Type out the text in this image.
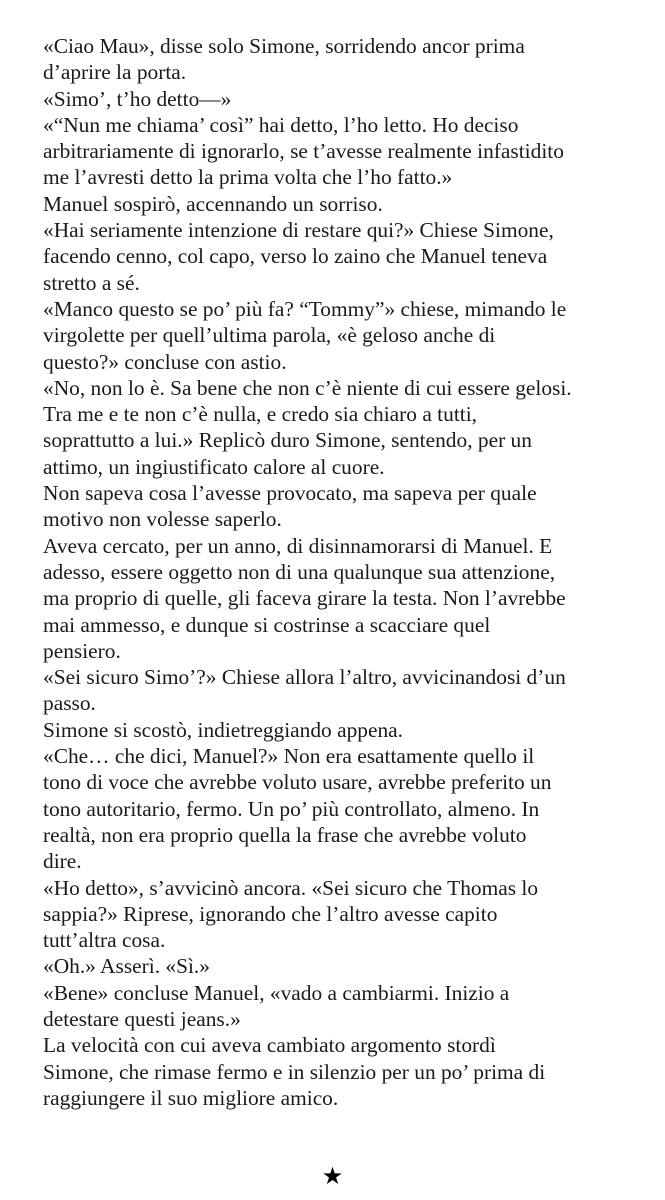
«Ciao Mau», disse solo Simone, sorridendo ancor prima
d’aprire la porta.
«Simo’, t’ho detto—»
«“Nun me chiama’ così” hai detto, l’ho letto. Ho deciso
arbitrariamente di ignorarlo, se t’avesse realmente infastidito
me l’avresti detto la prima volta che l’ho fatto.»
Manuel sospirò, accennando un sorriso.
«Hai seriamente intenzione di restare qui?» Chiese Simone,
facendo cenno, col capo, verso lo zaino che Manuel teneva
stretto a sé.
«Manco questo se po’ più fa? “Tommy”» chiese, mimando le
virgolette per quell’ultima parola, «è geloso anche di
questo?» concluse con astio.
«No, non lo è. Sa bene che non c’è niente di cui essere gelosi.
Tra me e te non c’è nulla, e credo sia chiaro a tutti,
soprattutto a lui.» Replicò duro Simone, sentendo, per un
attimo, un ingiustificato calore al cuore.
Non sapeva cosa l’avesse provocato, ma sapeva per quale
motivo non volesse saperlo.
Aveva cercato, per un anno, di disinnamorarsi di Manuel. E
adesso, essere oggetto non di una qualunque sua attenzione,
ma proprio di quelle, gli faceva girare la testa. Non l’avrebbe
mai ammesso, e dunque si costrinse a scacciare quel
pensiero.
«Sei sicuro Simo’?» Chiese allora l’altro, avvicinandosi d’un
passo.
Simone si scostò, indietreggiando appena.
«Che… che dici, Manuel?» Non era esattamente quello il
tono di voce che avrebbe voluto usare, avrebbe preferito un
tono autoritario, fermo. Un po’ più controllato, almeno. In
realtà, non era proprio quella la frase che avrebbe voluto
dire.
«Ho detto», s’avvicinò ancora. «Sei sicuro che Thomas lo
sappia?» Riprese, ignorando che l’altro avesse capito
tutt’altra cosa.
«Oh.» Asserì. «Sì.»
«Bene» concluse Manuel, «vado a cambiarmi. Inizio a
detestare questi jeans.»
La velocità con cui aveva cambiato argomento stordì
Simone, che rimase fermo e in silenzio per un po’ prima di
raggiungere il suo migliore amico.
★
